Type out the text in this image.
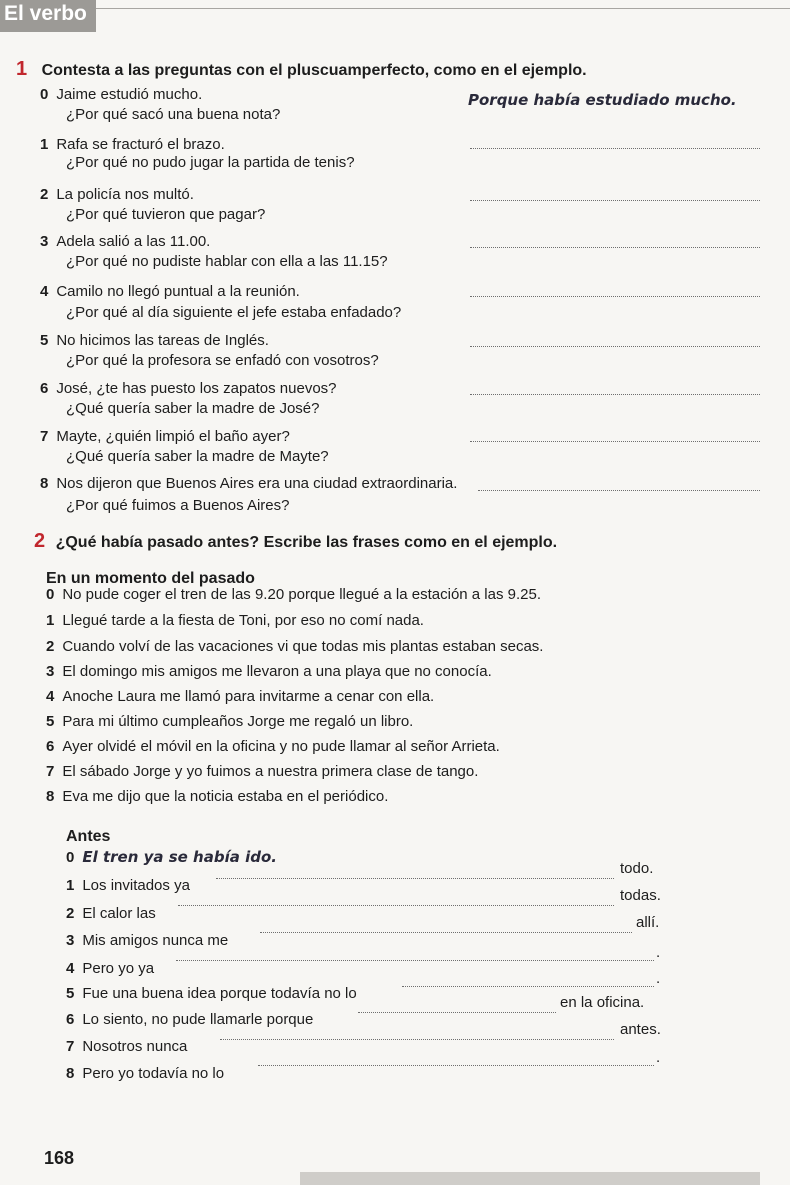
El verbo
1 Contesta a las preguntas con el pluscuamperfecto, como en el ejemplo.
0 Jaime estudió mucho.
¿Por qué sacó una buena nota?
Porque había estudiado mucho.
1 Rafa se fracturó el brazo.
¿Por qué no pudo jugar la partida de tenis?
2 La policía nos multó.
¿Por qué tuvieron que pagar?
3 Adela salió a las 11.00.
¿Por qué no pudiste hablar con ella a las 11.15?
4 Camilo no llegó puntual a la reunión.
¿Por qué al día siguiente el jefe estaba enfadado?
5 No hicimos las tareas de Inglés.
¿Por qué la profesora se enfadó con vosotros?
6 José, ¿te has puesto los zapatos nuevos?
¿Qué quería saber la madre de José?
7 Mayte, ¿quién limpió el baño ayer?
¿Qué quería saber la madre de Mayte?
8 Nos dijeron que Buenos Aires era una ciudad extraordinaria.
¿Por qué fuimos a Buenos Aires?
2 ¿Qué había pasado antes? Escribe las frases como en el ejemplo.
En un momento del pasado
0 No pude coger el tren de las 9.20 porque llegué a la estación a las 9.25.
1 Llegué tarde a la fiesta de Toni, por eso no comí nada.
2 Cuando volví de las vacaciones vi que todas mis plantas estaban secas.
3 El domingo mis amigos me llevaron a una playa que no conocía.
4 Anoche Laura me llamó para invitarme a cenar con ella.
5 Para mi último cumpleaños Jorge me regaló un libro.
6 Ayer olvidé el móvil en la oficina y no pude llamar al señor Arrieta.
7 El sábado Jorge y yo fuimos a nuestra primera clase de tango.
8 Eva me dijo que la noticia estaba en el periódico.
Antes
0 El tren ya se había ido.
1 Los invitados ya
todo.
2 El calor las
todas.
3 Mis amigos nunca me
allí.
4 Pero yo ya
.
5 Fue una buena idea porque todavía no lo
.
6 Lo siento, no pude llamarle porque
en la oficina.
7 Nosotros nunca
antes.
8 Pero yo todavía no lo
.
168
